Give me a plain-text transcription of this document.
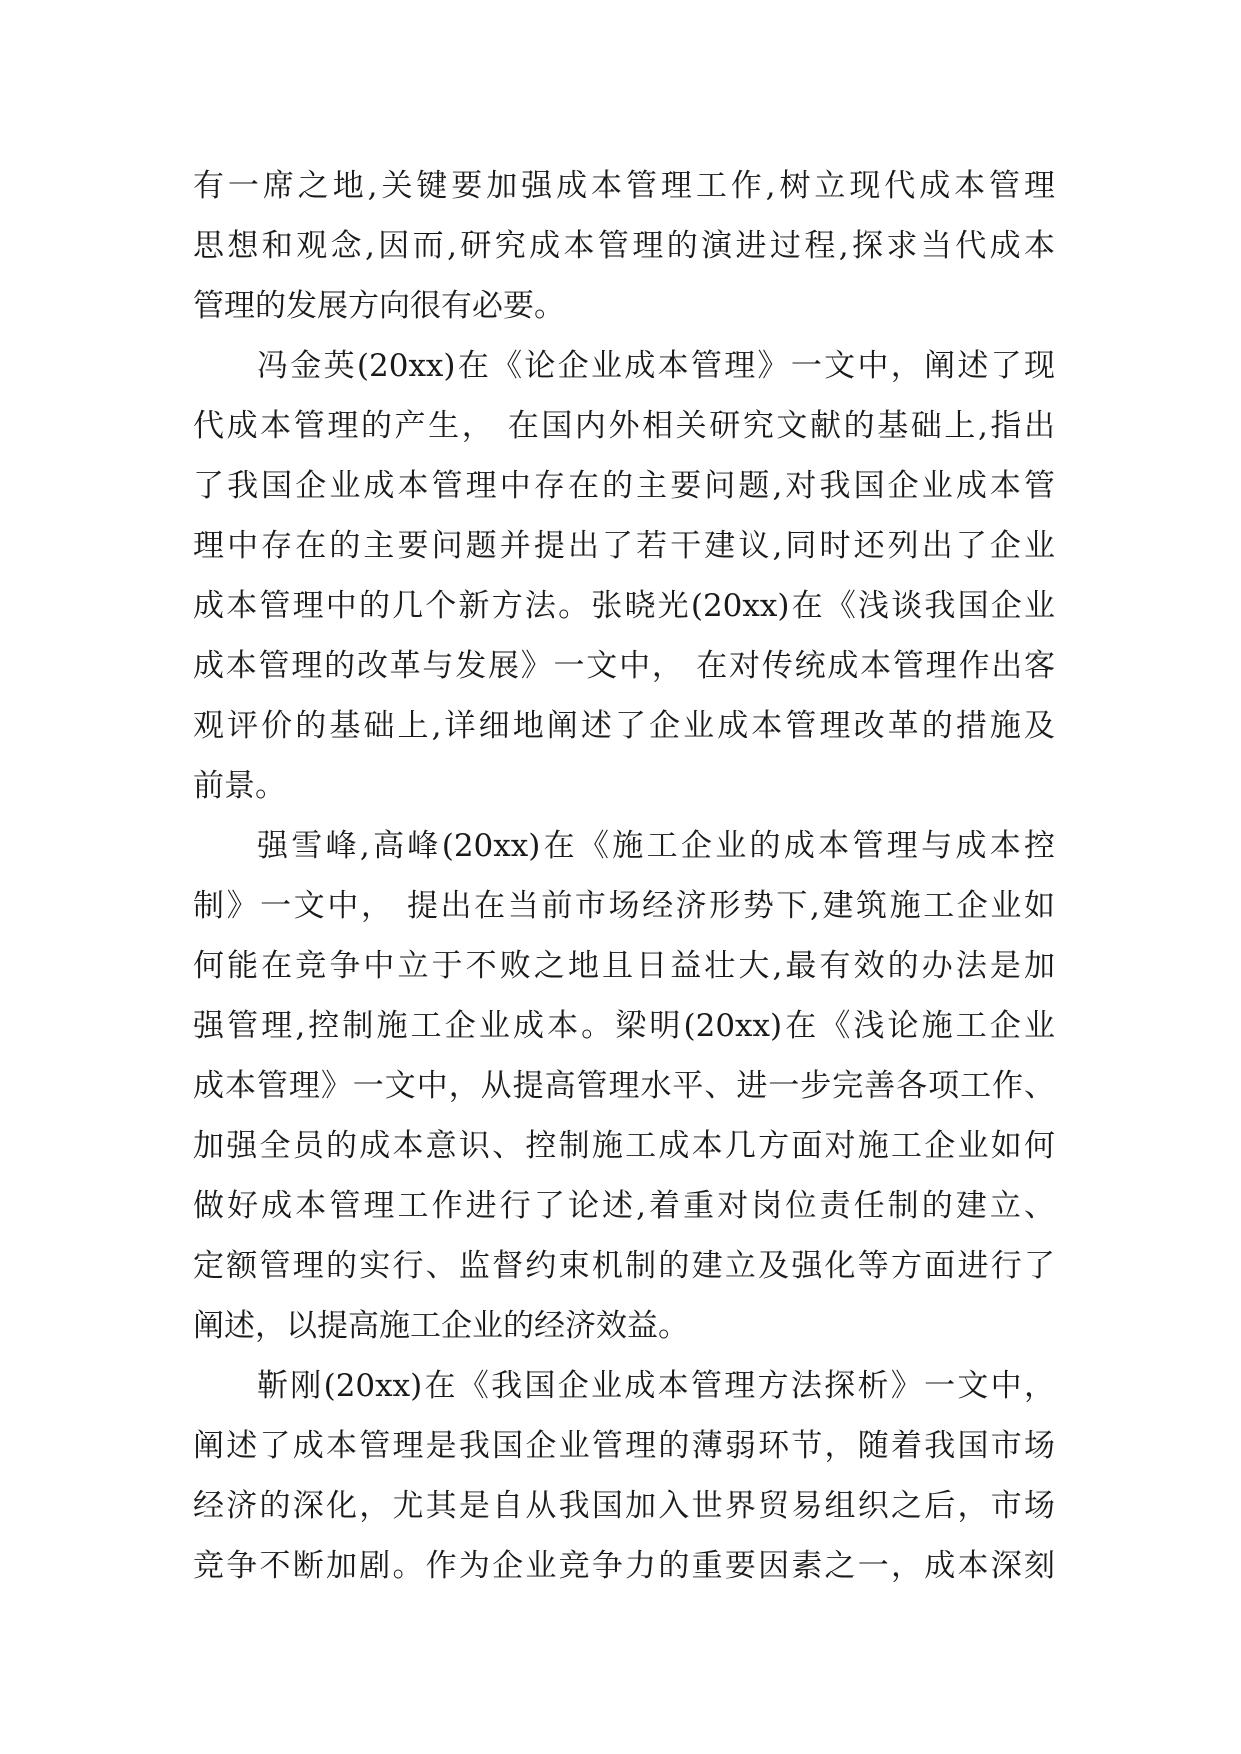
有一席之地,关键要加强成本管理工作,树立现代成本管理
思想和观念,因而,研究成本管理的演进过程,探求当代成本
管理的发展方向很有必要。
冯金英(20xx)在《论企业成本管理》一文中，阐述了现
代成本管理的产生， 在国内外相关研究文献的基础上,指出
了我国企业成本管理中存在的主要问题,对我国企业成本管
理中存在的主要问题并提出了若干建议,同时还列出了企业
成本管理中的几个新方法。张晓光(20xx)在《浅谈我国企业
成本管理的改革与发展》一文中， 在对传统成本管理作出客
观评价的基础上,详细地阐述了企业成本管理改革的措施及
前景。
强雪峰,高峰(20xx)在《施工企业的成本管理与成本控
制》一文中， 提出在当前市场经济形势下,建筑施工企业如
何能在竞争中立于不败之地且日益壮大,最有效的办法是加
强管理,控制施工企业成本。梁明(20xx)在《浅论施工企业
成本管理》一文中，从提高管理水平、进一步完善各项工作、
加强全员的成本意识、控制施工成本几方面对施工企业如何
做好成本管理工作进行了论述,着重对岗位责任制的建立、
定额管理的实行、监督约束机制的建立及强化等方面进行了
阐述，以提高施工企业的经济效益。
靳刚(20xx)在《我国企业成本管理方法探析》一文中，
阐述了成本管理是我国企业管理的薄弱环节，随着我国市场
经济的深化，尤其是自从我国加入世界贸易组织之后，市场
竞争不断加剧。作为企业竞争力的重要因素之一，成本深刻
